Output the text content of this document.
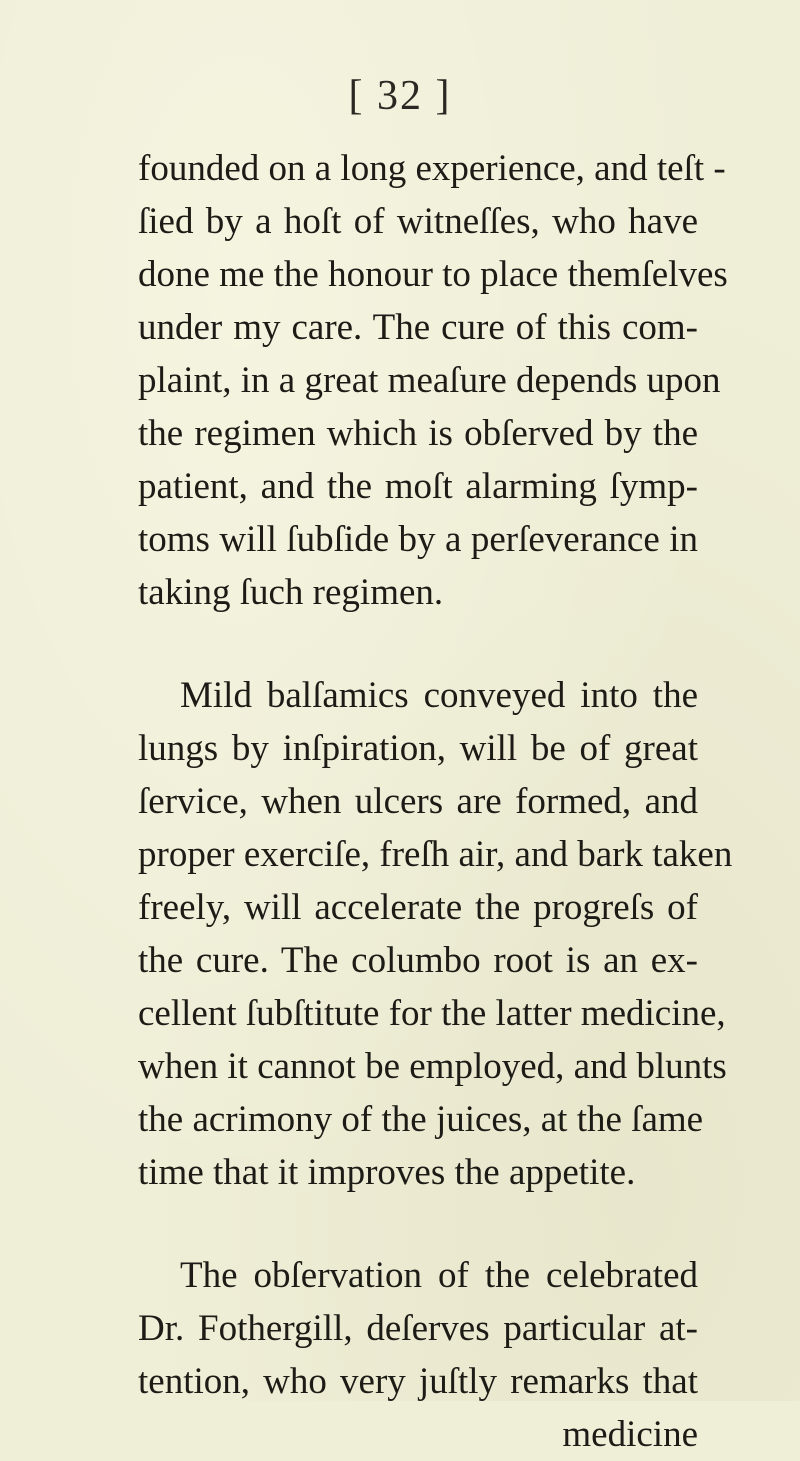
[ 32 ]
founded on a long experience, and teſt -
ſied by a hoſt of witneſſes, who have
done me the honour to place themſelves
under my care. The cure of this com-
plaint, in a great meaſure depends upon
the regimen which is obſerved by the
patient, and the moſt alarming ſymp-
toms will ſubſide by a perſeverance in
taking ſuch regimen.
Mild balſamics conveyed into the
lungs by inſpiration, will be of great
ſervice, when ulcers are formed, and
proper exerciſe, freſh air, and bark taken
freely, will accelerate the progreſs of
the cure. The columbo root is an ex-
cellent ſubſtitute for the latter medicine,
when it cannot be employed, and blunts
the acrimony of the juices, at the ſame
time that it improves the appetite.
The obſervation of the celebrated
Dr. Fothergill, deſerves particular at-
tention, who very juſtly remarks that
medicine
